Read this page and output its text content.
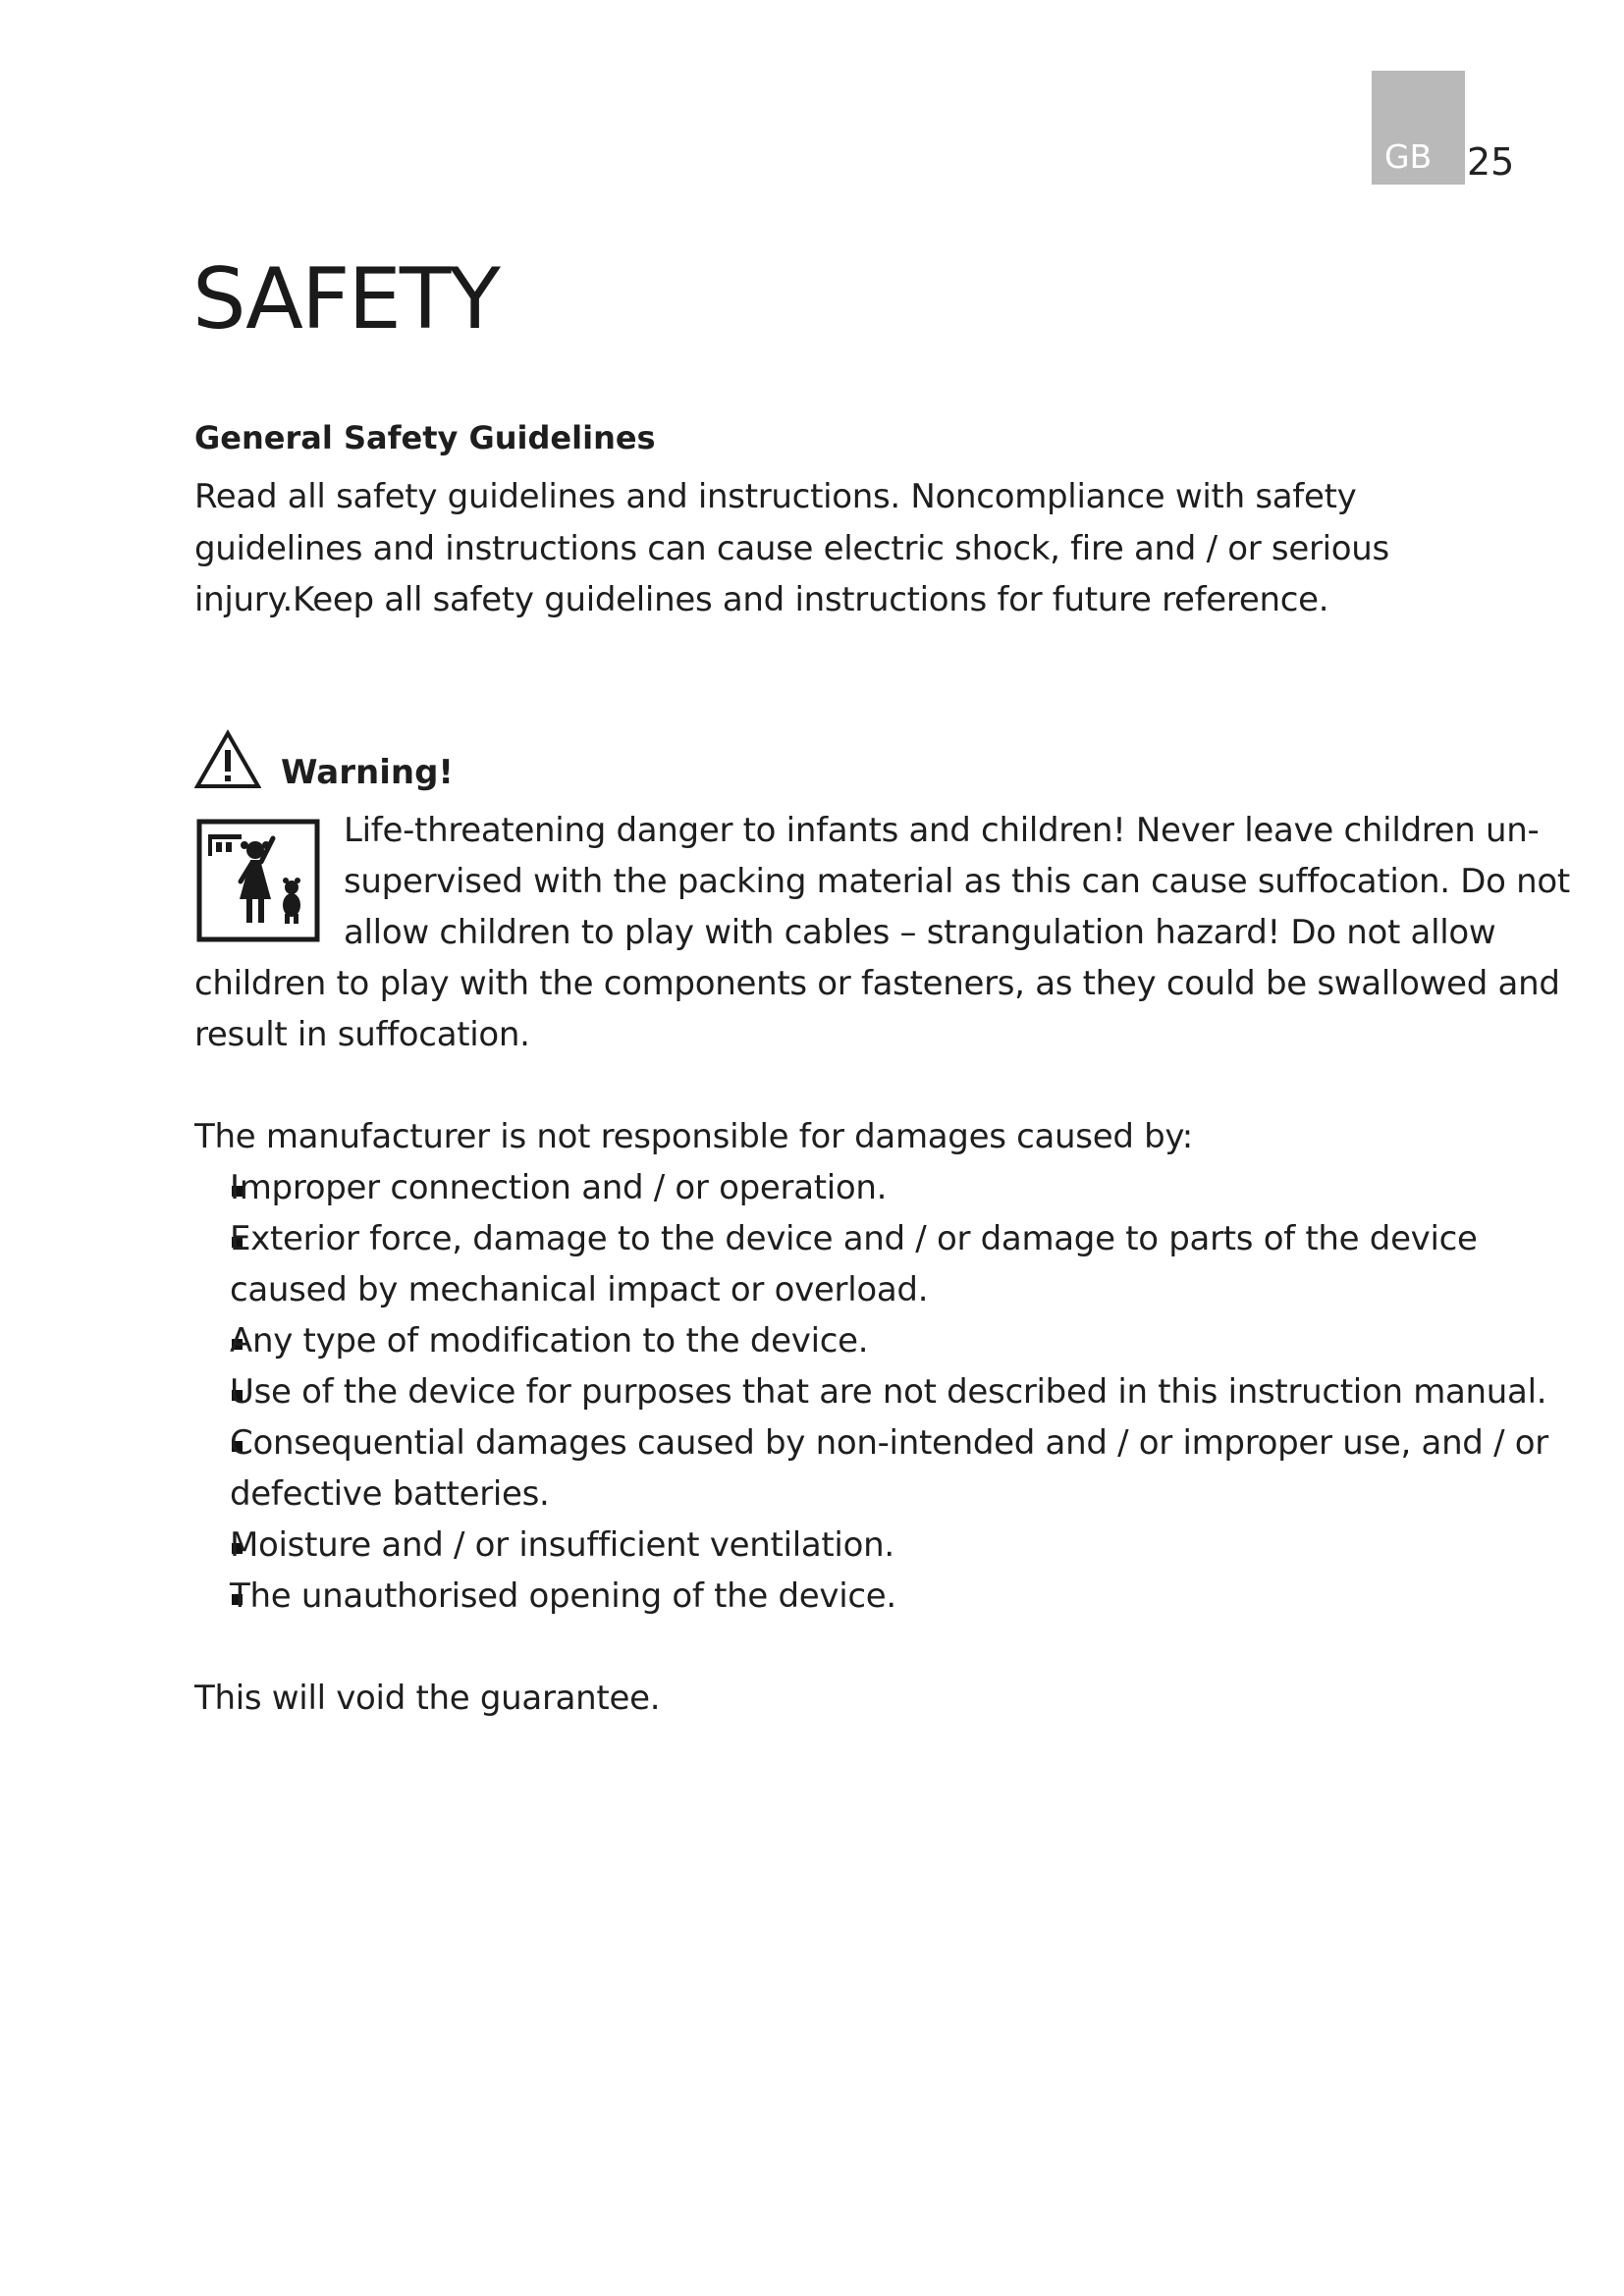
GB 25
SAFETY
General Safety Guidelines

Read all safety guidelines and instructions. Noncompliance with safety guidelines and instructions can cause electric shock, fire and / or serious injury.Keep all safety guidelines and instructions for future reference.

Warning!
Life-threatening danger to infants and children! Never leave children un-
supervised with the packing material as this can cause suffocation. Do not
allow children to play with cables – strangulation hazard! Do not allow
children to play with the components or fasteners, as they could be swallowed and
result in suffocation.
The manufacturer is not responsible for damages caused by:
Improper connection and / or operation.
Exterior force, damage to the device and / or damage to parts of the device
caused by mechanical impact or overload.
Any type of modification to the device.
Use of the device for purposes that are not described in this instruction manual.
Consequential damages caused by non-intended and / or improper use, and / or
defective batteries.
Moisture and / or insufficient ventilation.
The unauthorised opening of the device.
This will void the guarantee.
